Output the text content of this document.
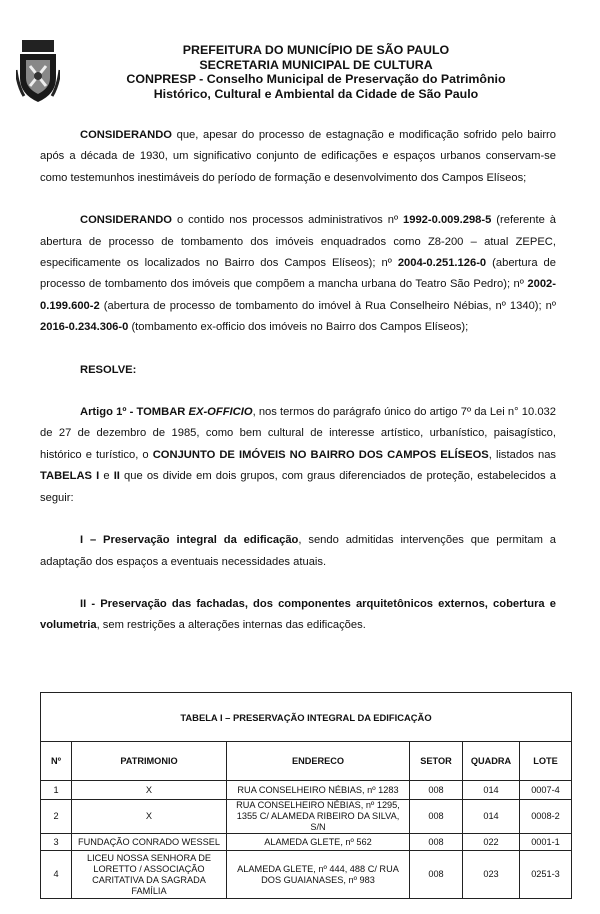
PREFEITURA DO MUNICÍPIO DE SÃO PAULO
SECRETARIA MUNICIPAL DE CULTURA
CONPRESP - Conselho Municipal de Preservação do Patrimônio
Histórico, Cultural e Ambiental da Cidade de São Paulo

CONSIDERANDO que, apesar do processo de estagnação e modificação sofrido pelo bairro após a década de 1930, um significativo conjunto de edificações e espaços urbanos conservam-se como testemunhos inestimáveis do período de formação e desenvolvimento dos Campos Elíseos;

CONSIDERANDO o contido nos processos administrativos nº 1992-0.009.298-5 (referente à abertura de processo de tombamento dos imóveis enquadrados como Z8-200 – atual ZEPEC, especificamente os localizados no Bairro dos Campos Elíseos); nº 2004-0.251.126-0 (abertura de processo de tombamento dos imóveis que compõem a mancha urbana do Teatro São Pedro); nº 2002-0.199.600-2 (abertura de processo de tombamento do imóvel à Rua Conselheiro Nébias, nº 1340); nº 2016-0.234.306-0 (tombamento ex-officio dos imóveis no Bairro dos Campos Elíseos);

RESOLVE:

Artigo 1º - TOMBAR EX-OFFICIO, nos termos do parágrafo único do artigo 7º da Lei n° 10.032 de 27 de dezembro de 1985, como bem cultural de interesse artístico, urbanístico, paisagístico, histórico e turístico, o CONJUNTO DE IMÓVEIS NO BAIRRO DOS CAMPOS ELÍSEOS, listados nas TABELAS I e II que os divide em dois grupos, com graus diferenciados de proteção, estabelecidos a seguir:

I – Preservação integral da edificação, sendo admitidas intervenções que permitam a adaptação dos espaços a eventuais necessidades atuais.

II - Preservação das fachadas, dos componentes arquitetônicos externos, cobertura e volumetria, sem restrições a alterações internas das edificações.

TABELA I – PRESERVAÇÃO INTEGRAL DA EDIFICAÇÃO					
Nº	PATRIMONIO	ENDERECO	SETOR	QUADRA	LOTE
1	X	RUA CONSELHEIRO NÉBIAS, nº 1283	008	014	0007-4
2	X	RUA CONSELHEIRO NÉBIAS, nº 1295, 1355 C/ ALAMEDA RIBEIRO DA SILVA, S/N	008	014	0008-2
3	FUNDAÇÃO CONRADO WESSEL	ALAMEDA GLETE, nº 562	008	022	0001-1
4	LICEU NOSSA SENHORA DE LORETTO / ASSOCIAÇÃO CARITATIVA DA SAGRADA FAMÍLIA	ALAMEDA GLETE, nº 444, 488 C/ RUA DOS GUAIANASES, nº 983	008	023	0251-3
